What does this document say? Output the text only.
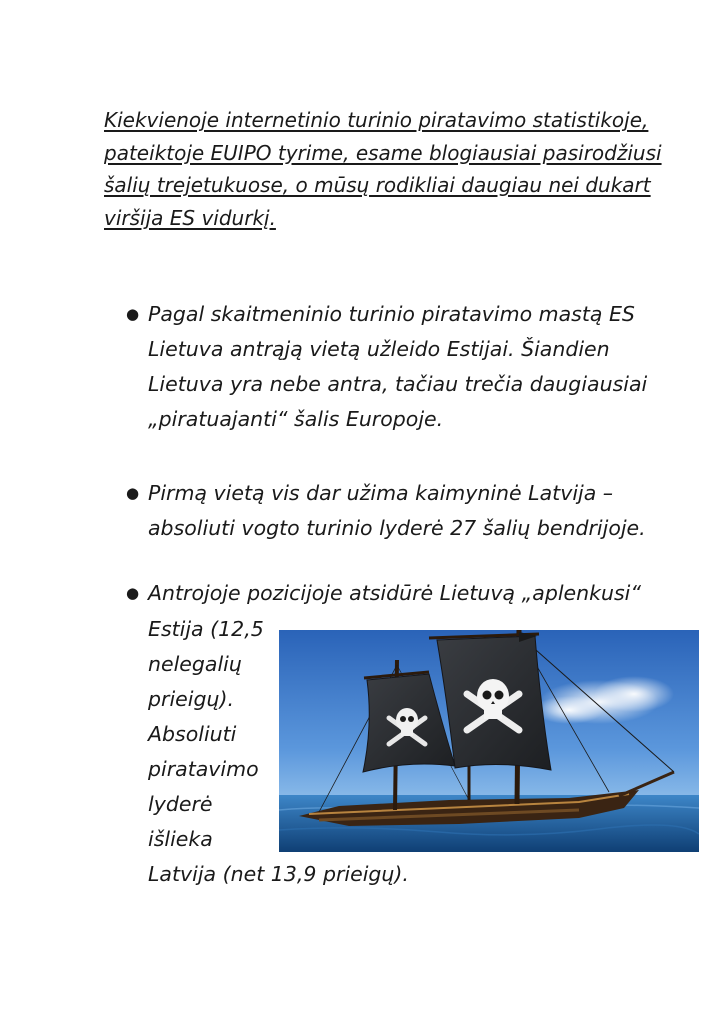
Kiekvienoje internetinio turinio piratavimo statistikoje, pateiktoje EUIPO tyrime, esame blogiausiai pasirodžiusi šalių trejetukuose, o mūsų rodikliai daugiau nei dukart viršija ES vidurkį.

● Pagal skaitmeninio turinio piratavimo mastą ES Lietuva antrąją vietą užleido Estijai. Šiandien Lietuva yra nebe antra, tačiau trečia daugiausiai „piratuajanti“ šalis Europoje.

● Pirmą vietą vis dar užima kaimyninė Latvija – absoliuti vogto turinio lyderė 27 šalių bendrijoje.

● Antrojoje pozicijoje atsidūrė Lietuvą „aplenkusi“

Estija (12,5

nelegalių

prieigų).

Absoliuti

piratavimo

lyderė

išlieka

Latvija (net 13,9 prieigų).
